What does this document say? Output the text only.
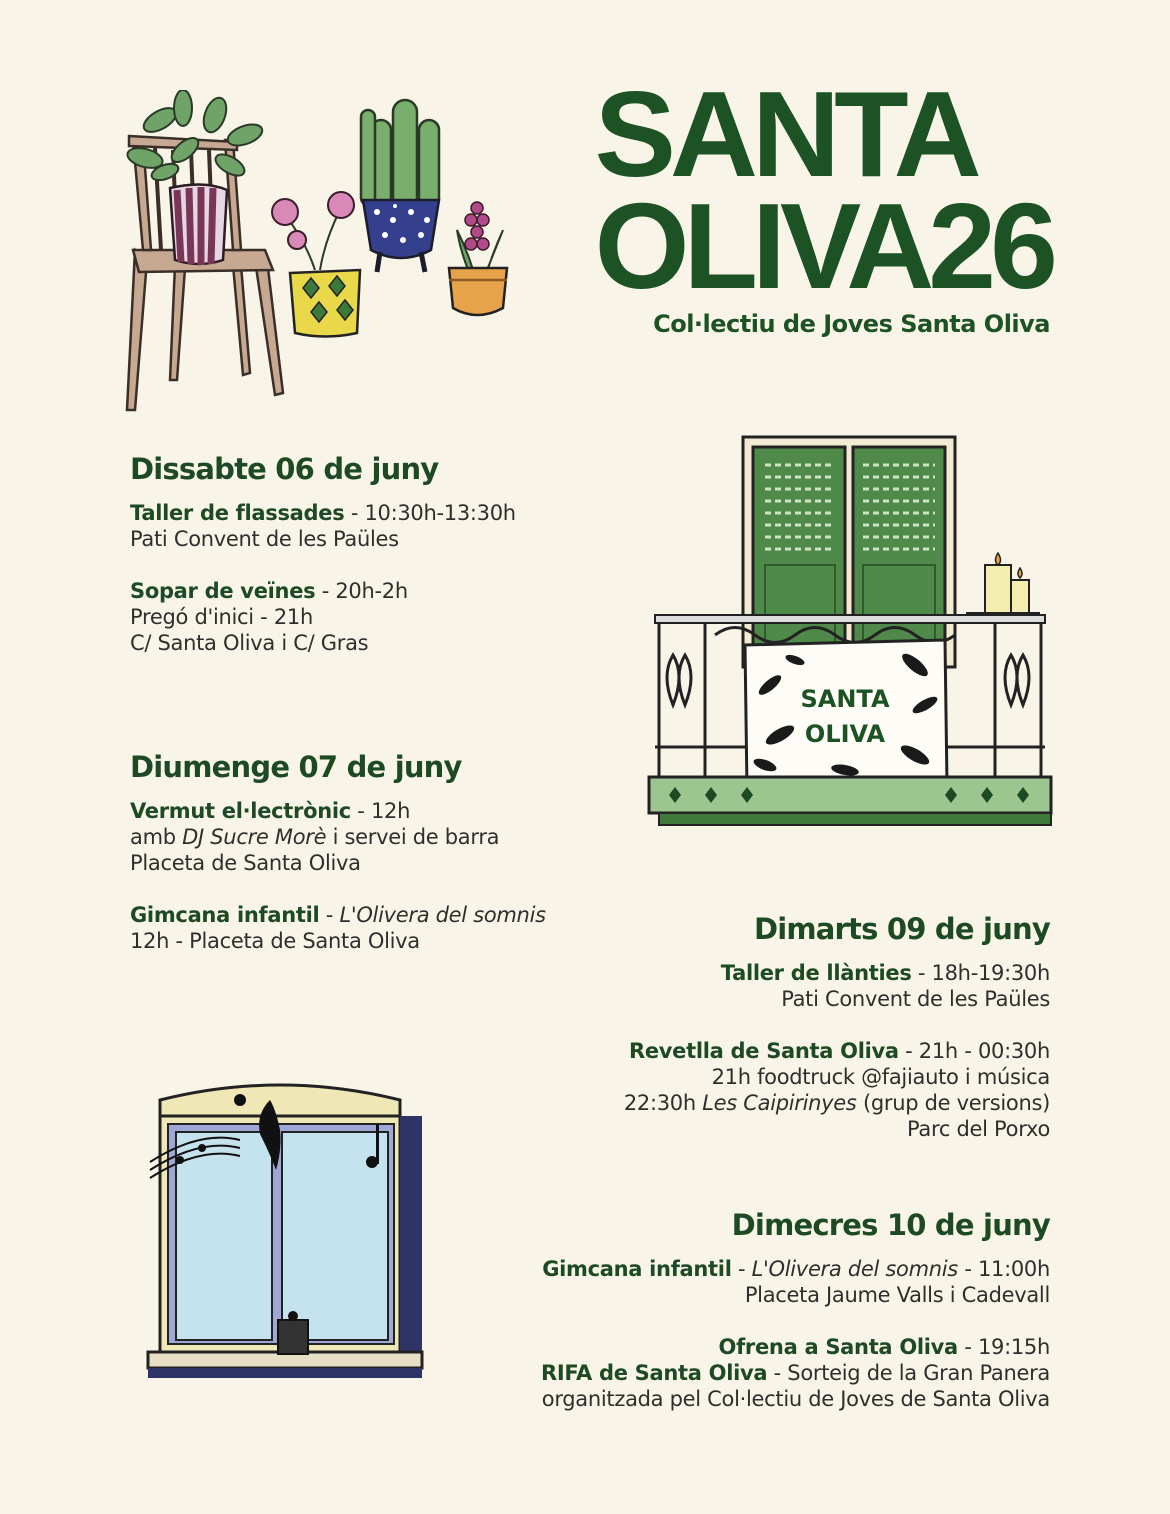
SANTA
OLIVA26
Col·lectiu de Joves Santa Oliva
SANTA
OLIVA
Dissabte 06 de juny
Taller de flassades - 10:30h-13:30h
Pati Convent de les Paüles
Sopar de veïnes - 20h-2h
Pregó d'inici - 21h
C/ Santa Oliva i C/ Gras
Diumenge 07 de juny
Vermut el·lectrònic - 12h
amb DJ Sucre Morè i servei de barra
Placeta de Santa Oliva
Gimcana infantil - L'Olivera del somnis
12h - Placeta de Santa Oliva	Dimarts 09 de juny
Taller de llànties - 18h-19:30h
Pati Convent de les Paüles
Revetlla de Santa Oliva - 21h - 00:30h
21h foodtruck @fajiauto i música
22:30h Les Caipirinyes (grup de versions)
Parc del Porxo
Dimecres 10 de juny
Gimcana infantil - L'Olivera del somnis - 11:00h
Placeta Jaume Valls i Cadevall
Ofrena a Santa Oliva - 19:15h
RIFA de Santa Oliva - Sorteig de la Gran Panera
organitzada pel Col·lectiu de Joves de Santa Oliva
